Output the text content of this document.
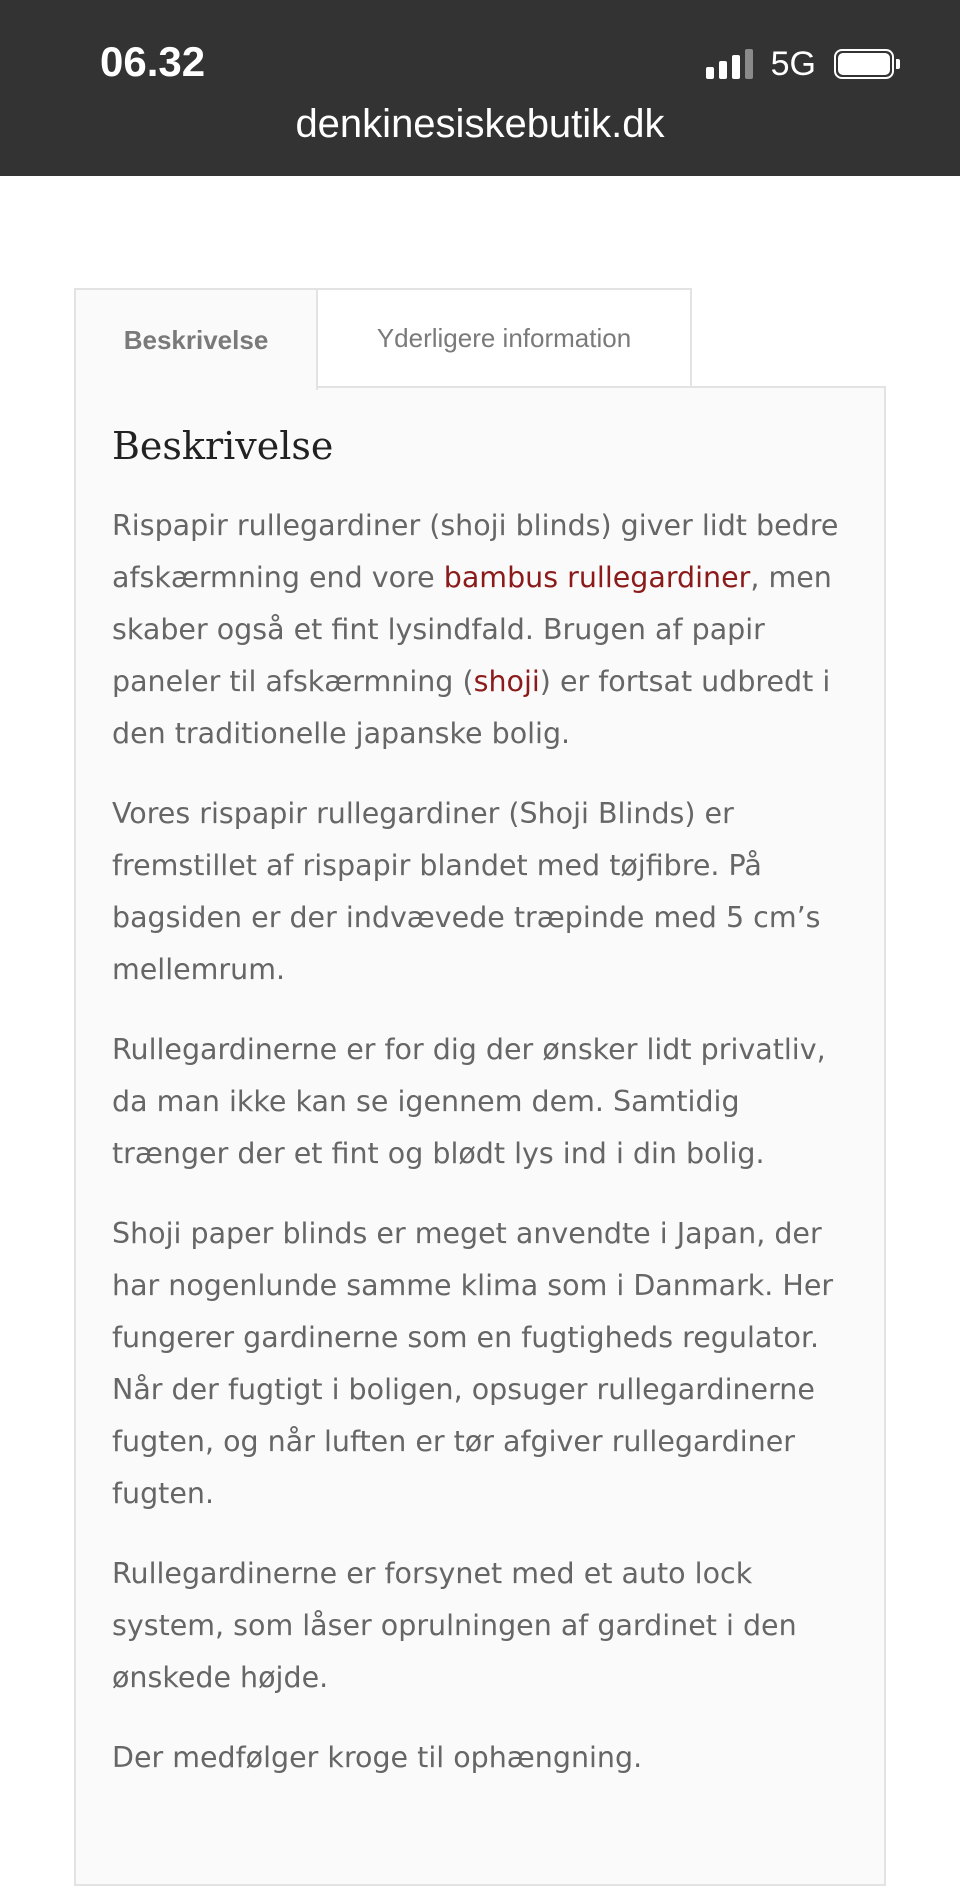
06.32	5G
denkinesiskebutik.dk
Beskrivelse	Yderligere information
Beskrivelse

Rispapir rullegardiner (shoji blinds) giver lidt bedre afskærmning end vore bambus rullegardiner, men skaber også et fint lysindfald. Brugen af papir paneler til afskærmning (shoji) er fortsat udbredt i den traditionelle japanske bolig.

Vores rispapir rullegardiner (Shoji Blinds) er fremstillet af rispapir blandet med tøjfibre. På bagsiden er der indvævede træpinde med 5 cm’s mellemrum.

Rullegardinerne er for dig der ønsker lidt privatliv, da man ikke kan se igennem dem. Samtidig trænger der et fint og blødt lys ind i din bolig.

Shoji paper blinds er meget anvendte i Japan, der har nogenlunde samme klima som i Danmark. Her fungerer gardinerne som en fugtigheds regulator. Når der fugtigt i boligen, opsuger rullegardinerne fugten, og når luften er tør afgiver rullegardiner fugten.

Rullegardinerne er forsynet med et auto lock system, som låser oprulningen af gardinet i den ønskede højde.

Der medfølger kroge til ophængning.
